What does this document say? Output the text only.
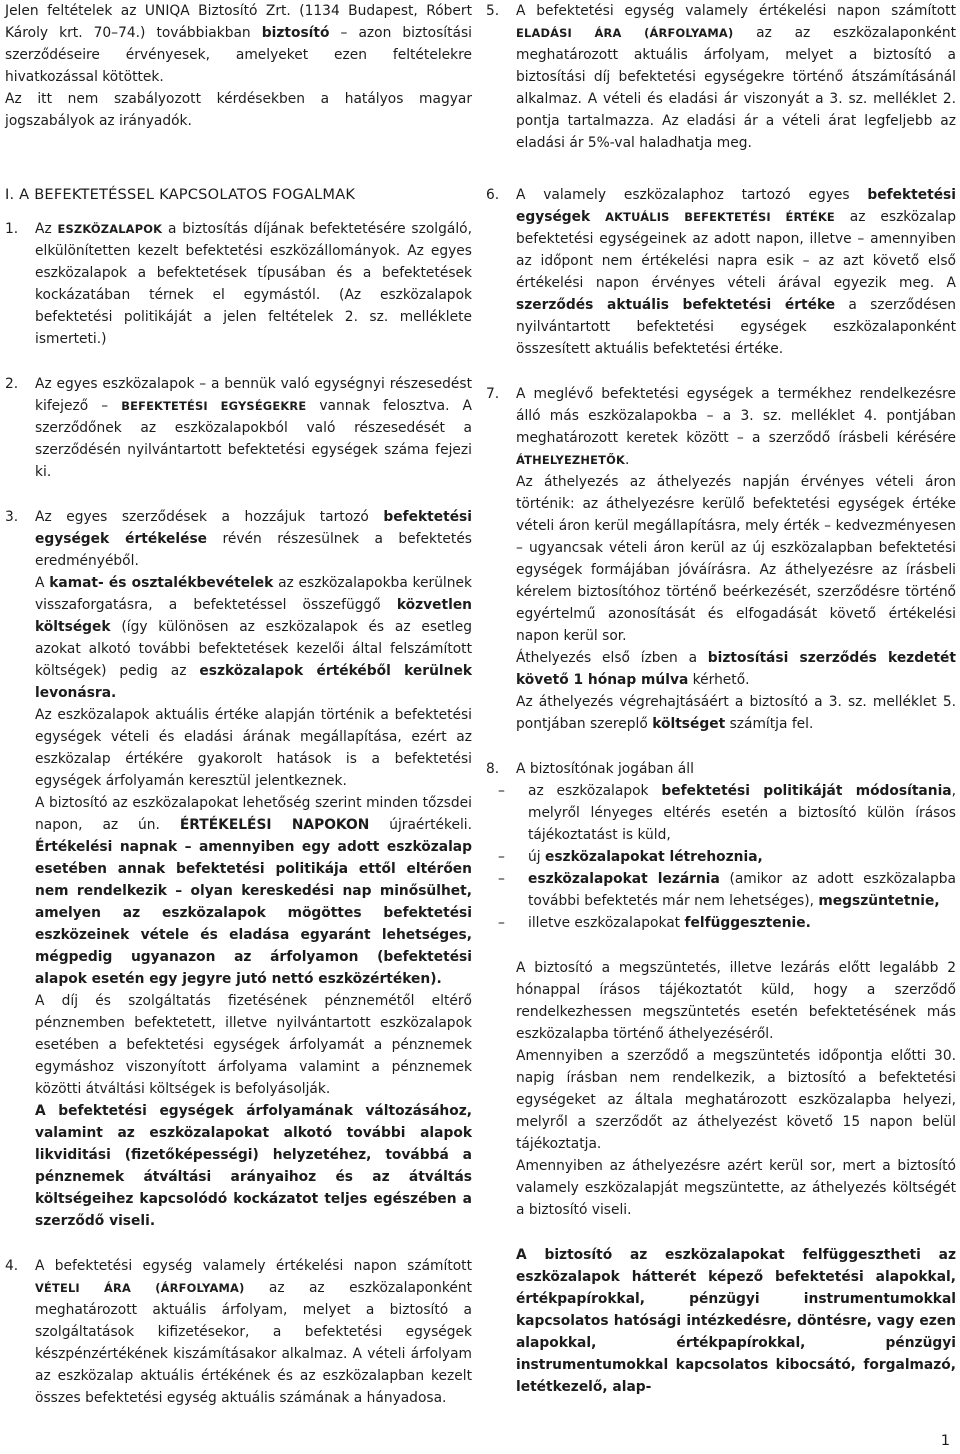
Jelen feltételek az UNIQA Biztosító Zrt. (1134 Budapest, Róbert Károly krt. 70–74.) továbbiakban biztosító – azon biztosítási szerződéseire érvényesek, amelyeket ezen feltételekre hivatkozással kötöttek.

Az itt nem szabályozott kérdésekben a hatályos magyar jogszabályok az irányadók.

I. A BEFEKTETÉSSEL KAPCSOLATOS FOGALMAK
1. Az ESZKÖZALAPOK a biztosítás díjának befektetésére szolgáló, elkülönítetten kezelt befektetési eszközállományok. Az egyes eszközalapok a befektetések típusában és a befektetések kockázatában térnek el egymástól. (Az eszközalapok befektetési politikáját a jelen feltételek 2. sz. melléklete ismerteti.)

2. Az egyes eszközalapok – a bennük való egységnyi részesedést kifejező – BEFEKTETÉSI EGYSÉGEKRE vannak felosztva. A szerződőnek az eszközalapokból való részesedését a szerződésén nyilvántartott befektetési egységek száma fejezi ki.

3. Az egyes szerződések a hozzájuk tartozó befektetési egységek értékelése révén részesülnek a befektetés eredményéből.

A kamat- és osztalékbevételek az eszközalapokba kerülnek visszaforgatásra, a befektetéssel összefüggő közvetlen költségek (így különösen az eszközalapok és az esetleg azokat alkotó további befektetések kezelői által felszámított költségek) pedig az eszközalapok értékéből kerülnek levonásra.

Az eszközalapok aktuális értéke alapján történik a befektetési egységek vételi és eladási árának megállapítása, ezért az eszközalap értékére gyakorolt hatások is a befektetési egységek árfolyamán keresztül jelentkeznek.

A biztosító az eszközalapokat lehetőség szerint minden tőzsdei napon, az ún. ÉRTÉKELÉSI NAPOKON újraértékeli. Értékelési napnak – amennyiben egy adott eszközalap esetében annak befektetési politikája ettől eltérően nem rendelkezik – olyan kereskedési nap minősülhet, amelyen az eszközalapok mögöttes befektetési eszközeinek vétele és eladása egyaránt lehetséges, mégpedig ugyanazon az árfolyamon (befektetési alapok esetén egy jegyre jutó nettó eszközértéken).

A díj és szolgáltatás fizetésének pénznemétől eltérő pénznemben befektetett, illetve nyilvántartott eszközalapok esetében a befektetési egységek árfolyamát a pénznemek egymáshoz viszonyított árfolyama valamint a pénznemek közötti átváltási költségek is befolyásolják.

A befektetési egységek árfolyamának változásához, valamint az eszközalapokat alkotó további alapok likviditási (fizetőképességi) helyzetéhez, továbbá a pénznemek átváltási arányaihoz és az átváltás költségeihez kapcsolódó kockázatot teljes egészében a szerződő viseli.

4. A befektetési egység valamely értékelési napon számított VÉTELI ÁRA (ÁRFOLYAMA) az az eszközalaponként meghatározott aktuális árfolyam, melyet a biztosító a szolgáltatások kifizetésekor, a befektetési egységek készpénzértékének kiszámításakor alkalmaz. A vételi árfolyam az eszközalap aktuális értékének és az eszközalapban kezelt összes befektetési egység aktuális számának a hányadosa.

5. A befektetési egység valamely értékelési napon számított ELADÁSI ÁRA (ÁRFOLYAMA) az az eszközalaponként meghatározott aktuális árfolyam, melyet a biztosító a biztosítási díj befektetési egységekre történő átszámításánál alkalmaz. A vételi és eladási ár viszonyát a 3. sz. melléklet 2. pontja tartalmazza. Az eladási ár a vételi árat legfeljebb az eladási ár 5%-val haladhatja meg.

6. A valamely eszközalaphoz tartozó egyes befektetési egységek AKTUÁLIS BEFEKTETÉSI ÉRTÉKE az eszközalap befektetési egységeinek az adott napon, illetve – amennyiben az időpont nem értékelési napra esik – az azt követő első értékelési napon érvényes vételi árával egyezik meg. A szerződés aktuális befektetési értéke a szerződésen nyilvántartott befektetési egységek eszközalaponként összesített aktuális befektetési értéke.

7. A meglévő befektetési egységek a termékhez rendelkezésre álló más eszközalapokba – a 3. sz. melléklet 4. pontjában meghatározott keretek között – a szerződő írásbeli kérésére ÁTHELYEZHETŐK.

Az áthelyezés az áthelyezés napján érvényes vételi áron történik: az áthelyezésre kerülő befektetési egységek értéke vételi áron kerül megállapításra, mely érték – kedvezményesen – ugyancsak vételi áron kerül az új eszközalapban befektetési egységek formájában jóváírásra. Az áthelyezésre az írásbeli kérelem biztosítóhoz történő beérkezését, szerződésre történő egyértelmű azonosítását és elfogadását követő értékelési napon kerül sor.

Áthelyezés első ízben a biztosítási szerződés kezdetét követő 1 hónap múlva kérhető.

Az áthelyezés végrehajtásáért a biztosító a 3. sz. melléklet 5. pontjában szereplő költséget számítja fel.

8. A biztosítónak jogában áll

– az eszközalapok befektetési politikáját módosítania, melyről lényeges eltérés esetén a biztosító külön írásos tájékoztatást is küld,

– új eszközalapokat létrehoznia,

– eszközalapokat lezárnia (amikor az adott eszközalapba további befektetés már nem lehetséges), megszüntetnie,

– illetve eszközalapokat felfüggesztenie.

A biztosító a megszüntetés, illetve lezárás előtt legalább 2 hónappal írásos tájékoztatót küld, hogy a szerződő rendelkezhessen megszüntetés esetén befektetésének más eszközalapba történő áthelyezéséről.

Amennyiben a szerződő a megszüntetés időpontja előtti 30. napig írásban nem rendelkezik, a biztosító a befektetési egységeket az általa meghatározott eszközalapba helyezi, melyről a szerződőt az áthelyezést követő 15 napon belül tájékoztatja.

Amennyiben az áthelyezésre azért kerül sor, mert a biztosító valamely eszközalapját megszüntette, az áthelyezés költségét a biztosító viseli.

A biztosító az eszközalapokat felfüggesztheti az eszközalapok hátterét képező befektetési alapokkal, értékpapírokkal, pénzügyi instrumentumokkal kapcsolatos hatósági intézkedésre, döntésre, vagy ezen alapokkal, értékpapírokkal, pénzügyi instrumentumokkal kapcsolatos kibocsátó, forgalmazó, letétkezelő, alap-

1
